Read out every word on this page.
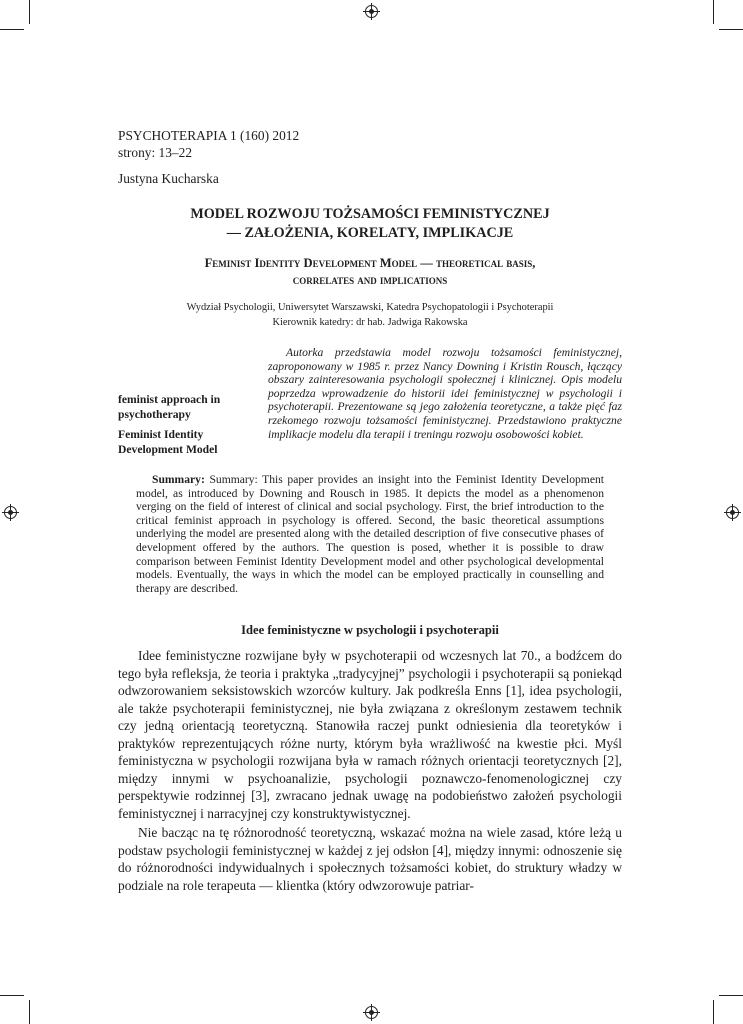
PSYCHOTERAPIA 1 (160) 2012
strony: 13–22
Justyna Kucharska
MODEL ROZWOJU TOŻSAMOŚCI FEMINISTYCZNEJ
— ZAŁOŻENIA, KORELATY, IMPLIKACJE
Feminist Identity Development Model — theoretical basis,
correlates and implications
Wydział Psychologii, Uniwersytet Warszawski, Katedra Psychopatologii i Psychoterapii
Kierownik katedry: dr hab. Jadwiga Rakowska

feminist approach in psychotherapy

Feminist Identity Development Model

Autorka przedstawia model rozwoju tożsamości feministycznej, zaproponowany w 1985 r. przez Nancy Downing i Kristin Rousch, łączący obszary zainteresowania psychologii społecznej i klinicznej. Opis modelu poprzedza wprowadzenie do historii idei feministycznej w psychologii i psychoterapii. Prezentowane są jego założenia teoretyczne, a także pięć faz rzekomego rozwoju tożsamości feministycznej. Przedstawiono praktyczne implikacje modelu dla terapii i treningu rozwoju osobowości kobiet.
Summary: Summary: This paper provides an insight into the Feminist Identity Development model, as introduced by Downing and Rousch in 1985. It depicts the model as a phenomenon verging on the field of interest of clinical and social psychology. First, the brief introduction to the critical feminist approach in psychology is offered. Second, the basic theoretical assumptions underlying the model are presented along with the detailed description of five consecutive phases of development offered by the authors. The question is posed, whether it is possible to draw comparison between Feminist Identity Development model and other psychological developmental models. Eventually, the ways in which the model can be employed practically in counselling and therapy are described.
Idee feministyczne w psychologii i psychoterapii

Idee feministyczne rozwijane były w psychoterapii od wczesnych lat 70., a bodźcem do tego była refleksja, że teoria i praktyka „tradycyjnej” psychologii i psychoterapii są poniekąd odwzorowaniem seksistowskich wzorców kultury. Jak podkreśla Enns [1], idea psychologii, ale także psychoterapii feministycznej, nie była związana z określonym zestawem technik czy jedną orientacją teoretyczną. Stanowiła raczej punkt odniesienia dla teoretyków i praktyków reprezentujących różne nurty, którym była wrażliwość na kwestie płci. Myśl feministyczna w psychologii rozwijana była w ramach różnych orientacji teoretycznych [2], między innymi w psychoanalizie, psychologii poznawczo-fenomenologicznej czy perspektywie rodzinnej [3], zwracano jednak uwagę na podobieństwo założeń psychologii feministycznej i narracyjnej czy konstruktywistycznej.

Nie bacząc na tę różnorodność teoretyczną, wskazać można na wiele zasad, które leżą u podstaw psychologii feministycznej w każdej z jej odsłon [4], między innymi: odnoszenie się do różnorodności indywidualnych i społecznych tożsamości kobiet, do struktury władzy w podziale na role terapeuta — klientka (który odwzorowuje patriar-
